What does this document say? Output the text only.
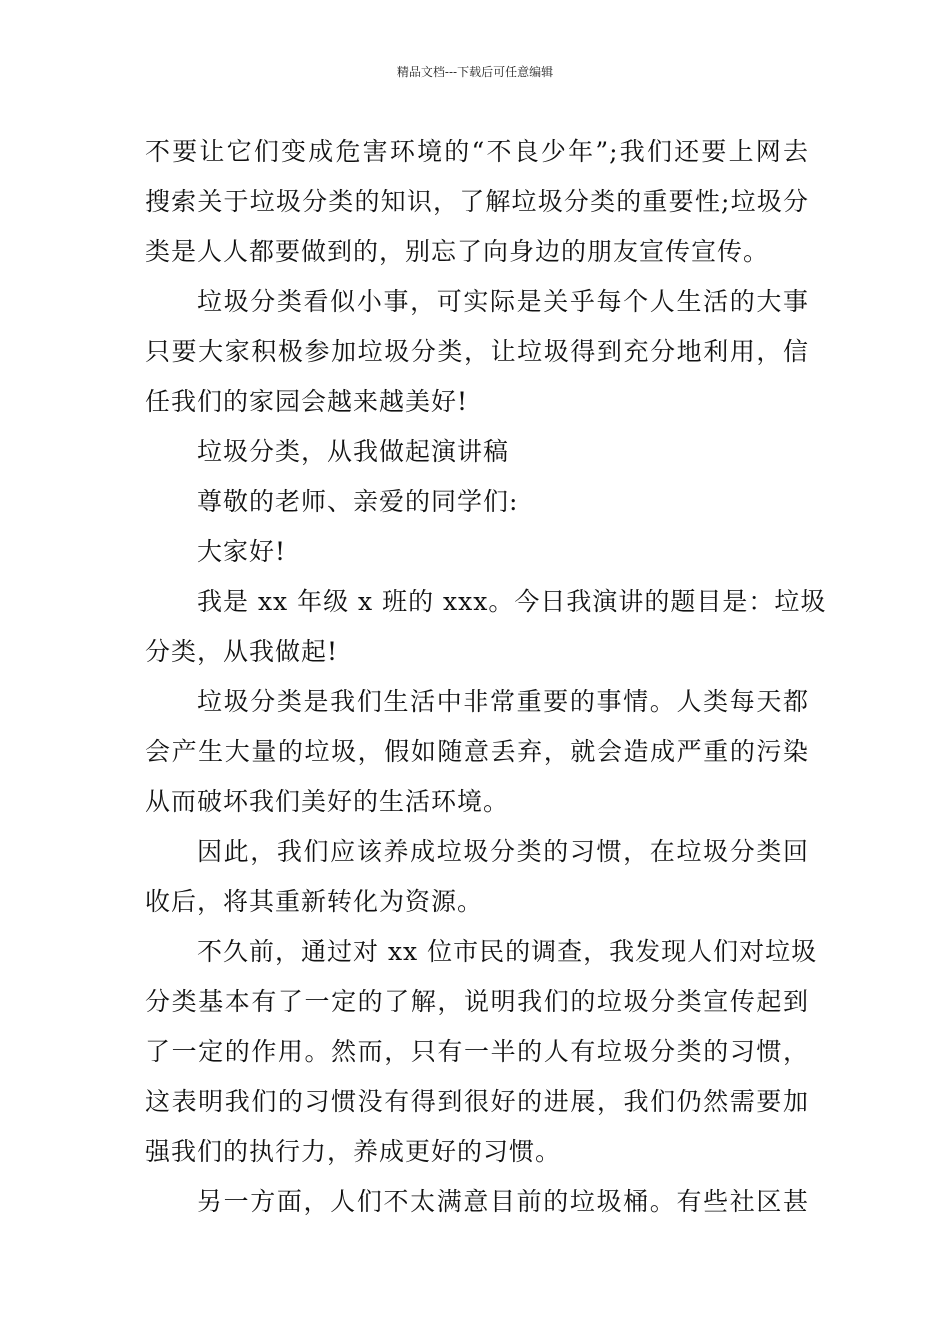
精品文档---下载后可任意编辑
不要让它们变成危害环境的“不良少年”;我们还要上网去
搜索关于垃圾分类的知识，了解垃圾分类的重要性;垃圾分
类是人人都要做到的，别忘了向身边的朋友宣传宣传。
垃圾分类看似小事，可实际是关乎每个人生活的大事
只要大家积极参加垃圾分类，让垃圾得到充分地利用，信
任我们的家园会越来越美好!
垃圾分类，从我做起演讲稿
尊敬的老师、亲爱的同学们:
大家好!
我是 xx 年级 x 班的 xxx。今日我演讲的题目是：垃圾
分类，从我做起!
垃圾分类是我们生活中非常重要的事情。人类每天都
会产生大量的垃圾，假如随意丢弃，就会造成严重的污染
从而破坏我们美好的生活环境。
因此，我们应该养成垃圾分类的习惯，在垃圾分类回
收后，将其重新转化为资源。
不久前，通过对 xx 位市民的调查，我发现人们对垃圾
分类基本有了一定的了解，说明我们的垃圾分类宣传起到
了一定的作用。然而，只有一半的人有垃圾分类的习惯，
这表明我们的习惯没有得到很好的进展，我们仍然需要加
强我们的执行力，养成更好的习惯。
另一方面，人们不太满意目前的垃圾桶。有些社区甚
